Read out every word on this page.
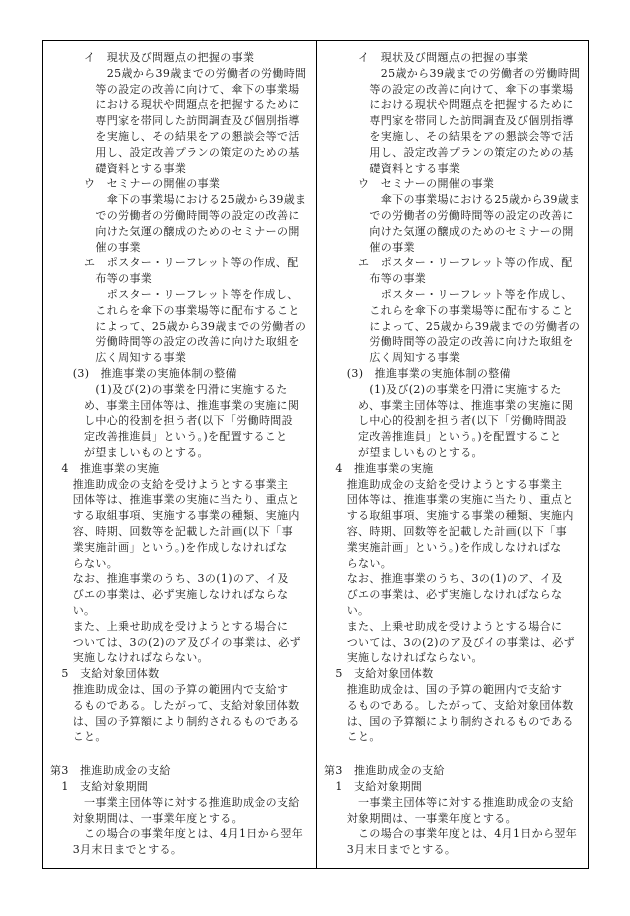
　　　イ　現状及び問題点の把握の事業
　　　　　25歳から39歳までの労働者の労働時間
　　　　等の設定の改善に向けて、傘下の事業場
　　　　における現状や問題点を把握するために
　　　　専門家を帯同した訪問調査及び個別指導
　　　　を実施し、その結果をアの懇談会等で活
　　　　用し、設定改善プランの策定のための基
　　　　礎資料とする事業
　　　ウ　セミナーの開催の事業
　　　　　傘下の事業場における25歳から39歳ま
　　　　での労働者の労働時間等の設定の改善に
　　　　向けた気運の醸成のためのセミナーの開
　　　　催の事業
　　　エ　ポスター・リーフレット等の作成、配
　　　　布等の事業
　　　　　ポスター・リーフレット等を作成し、
　　　　これらを傘下の事業場等に配布すること
　　　　によって、25歳から39歳までの労働者の
　　　　労働時間等の設定の改善に向けた取組を
　　　　広く周知する事業
　　(3)　推進事業の実施体制の整備
　　　　(1)及び(2)の事業を円滑に実施するた
　　　め、事業主団体等は、推進事業の実施に関
　　　し中心的役割を担う者(以下「労働時間設
　　　定改善推進員」という。)を配置すること
　　　が望ましいものとする。
　4　推進事業の実施
　　推進助成金の支給を受けようとする事業主
　　団体等は、推進事業の実施に当たり、重点と
　　する取組事項、実施する事業の種類、実施内
　　容、時期、回数等を記載した計画(以下「事
　　業実施計画」という。)を作成しなければな
　　らない。
　　なお、推進事業のうち、3の(1)のア、イ及
　　びエの事業は、必ず実施しなければならな
　　い。
　　また、上乗せ助成を受けようとする場合に
　　ついては、3の(2)のア及びイの事業は、必ず
　　実施しなければならない。
　5　支給対象団体数
　　推進助成金は、国の予算の範囲内で支給す
　　るものである。したがって、支給対象団体数
　　は、国の予算額により制約されるものである
　　こと。
第3　推進助成金の支給
　1　支給対象期間
　　　一事業主団体等に対する推進助成金の支給
　　対象期間は、一事業年度とする。
　　　この場合の事業年度とは、4月1日から翌年
　　3月末日までとする。
　　　イ　現状及び問題点の把握の事業
　　　　　25歳から39歳までの労働者の労働時間
　　　　等の設定の改善に向けて、傘下の事業場
　　　　における現状や問題点を把握するために
　　　　専門家を帯同した訪問調査及び個別指導
　　　　を実施し、その結果をアの懇談会等で活
　　　　用し、設定改善プランの策定のための基
　　　　礎資料とする事業
　　　ウ　セミナーの開催の事業
　　　　　傘下の事業場における25歳から39歳ま
　　　　での労働者の労働時間等の設定の改善に
　　　　向けた気運の醸成のためのセミナーの開
　　　　催の事業
　　　エ　ポスター・リーフレット等の作成、配
　　　　布等の事業
　　　　　ポスター・リーフレット等を作成し、
　　　　これらを傘下の事業場等に配布すること
　　　　によって、25歳から39歳までの労働者の
　　　　労働時間等の設定の改善に向けた取組を
　　　　広く周知する事業
　　(3)　推進事業の実施体制の整備
　　　　(1)及び(2)の事業を円滑に実施するた
　　　め、事業主団体等は、推進事業の実施に関
　　　し中心的役割を担う者(以下「労働時間設
　　　定改善推進員」という。)を配置すること
　　　が望ましいものとする。
　4　推進事業の実施
　　推進助成金の支給を受けようとする事業主
　　団体等は、推進事業の実施に当たり、重点と
　　する取組事項、実施する事業の種類、実施内
　　容、時期、回数等を記載した計画(以下「事
　　業実施計画」という。)を作成しなければな
　　らない。
　　なお、推進事業のうち、3の(1)のア、イ及
　　びエの事業は、必ず実施しなければならな
　　い。
　　また、上乗せ助成を受けようとする場合に
　　ついては、3の(2)のア及びイの事業は、必ず
　　実施しなければならない。
　5　支給対象団体数
　　推進助成金は、国の予算の範囲内で支給す
　　るものである。したがって、支給対象団体数
　　は、国の予算額により制約されるものである
　　こと。
第3　推進助成金の支給
　1　支給対象期間
　　　一事業主団体等に対する推進助成金の支給
　　対象期間は、一事業年度とする。
　　　この場合の事業年度とは、4月1日から翌年
　　3月末日までとする。
